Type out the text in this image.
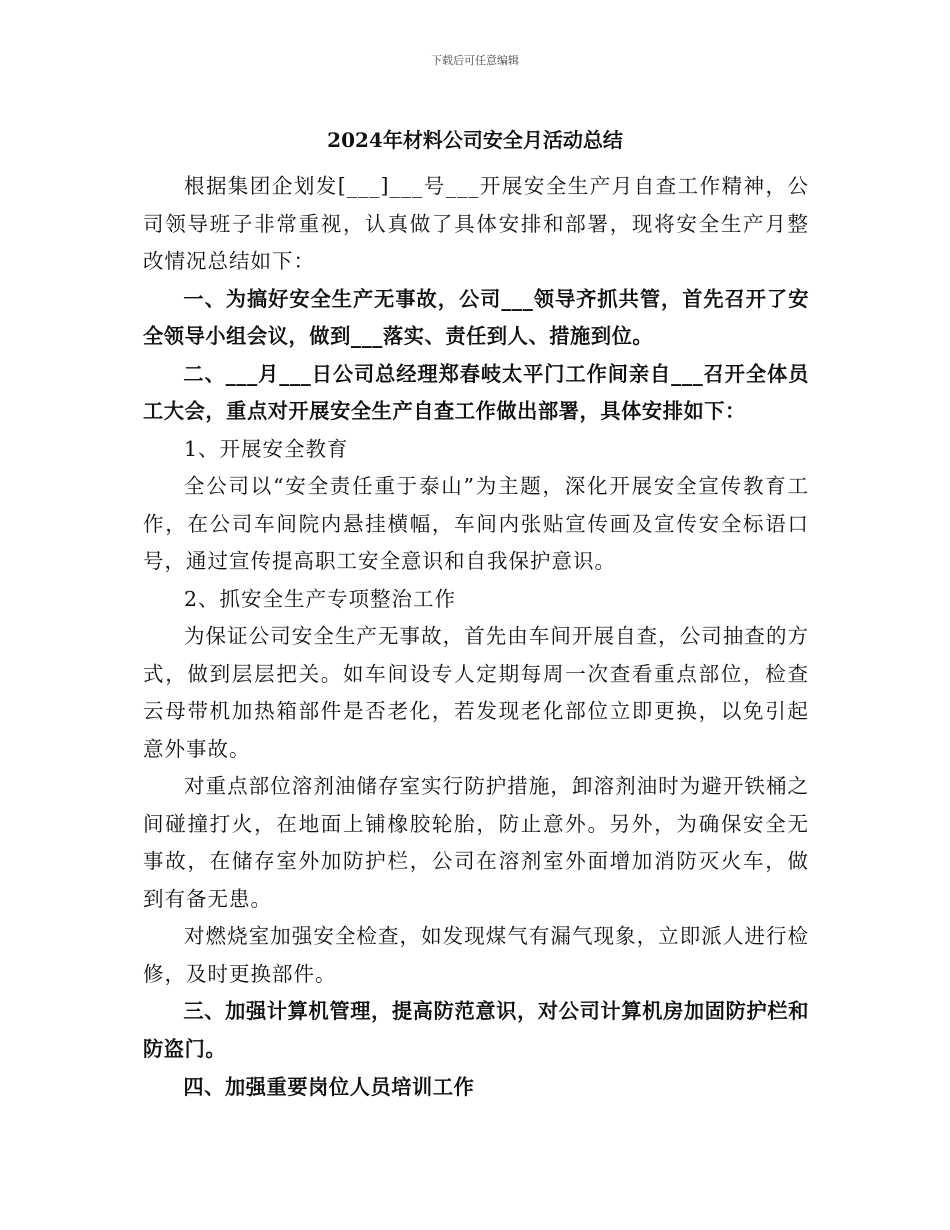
下载后可任意编辑
2024年材料公司安全月活动总结

根据集团企划发[___]___号___开展安全生产月自查工作精神，公司领导班子非常重视，认真做了具体安排和部署，现将安全生产月整改情况总结如下：

一、为搞好安全生产无事故，公司___领导齐抓共管，首先召开了安全领导小组会议，做到___落实、责任到人、措施到位。

二、___月___日公司总经理郑春岐太平门工作间亲自___召开全体员工大会，重点对开展安全生产自查工作做出部署，具体安排如下：

1、开展安全教育

全公司以“安全责任重于泰山”为主题，深化开展安全宣传教育工作，在公司车间院内悬挂横幅，车间内张贴宣传画及宣传安全标语口号，通过宣传提高职工安全意识和自我保护意识。

2、抓安全生产专项整治工作

为保证公司安全生产无事故，首先由车间开展自查，公司抽查的方式，做到层层把关。如车间设专人定期每周一次查看重点部位，检查云母带机加热箱部件是否老化，若发现老化部位立即更换，以免引起意外事故。

对重点部位溶剂油储存室实行防护措施，卸溶剂油时为避开铁桶之间碰撞打火，在地面上铺橡胶轮胎，防止意外。另外，为确保安全无事故，在储存室外加防护栏，公司在溶剂室外面增加消防灭火车，做到有备无患。

对燃烧室加强安全检查，如发现煤气有漏气现象，立即派人进行检修，及时更换部件。

三、加强计算机管理，提高防范意识，对公司计算机房加固防护栏和防盗门。

四、加强重要岗位人员培训工作
